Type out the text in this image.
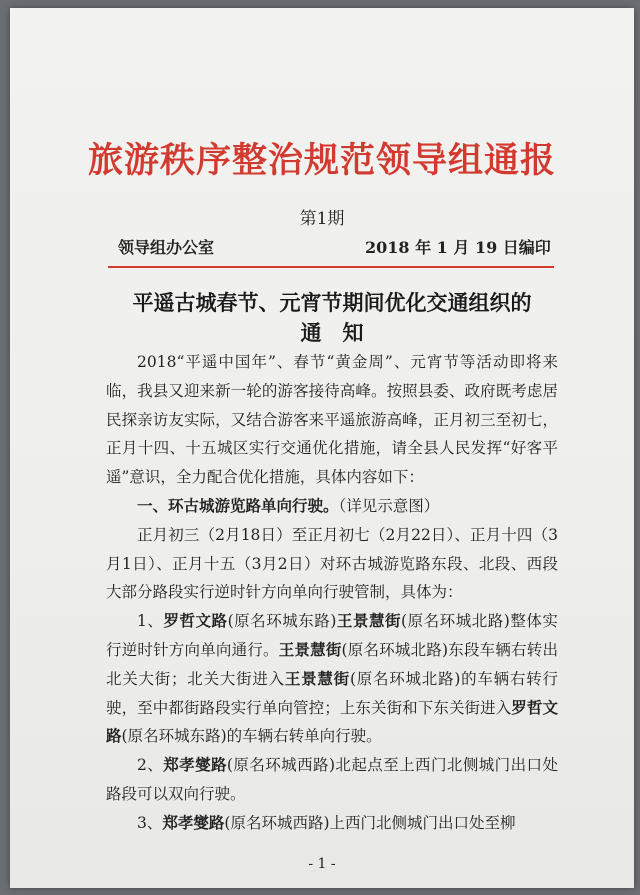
旅游秩序整治规范领导组通报
第1期
领导组办公室	2018 年 1 月 19 日编印
平遥古城春节、元宵节期间优化交通组织的
通　知

2018“平遥中国年”、春节“黄金周”、元宵节等活动即将来临，我县又迎来新一轮的游客接待高峰。按照县委、政府既考虑居民探亲访友实际，又结合游客来平遥旅游高峰，正月初三至初七，正月十四、十五城区实行交通优化措施，请全县人民发挥“好客平遥”意识，全力配合优化措施，具体内容如下：

一、环古城游览路单向行驶。（详见示意图）

正月初三（2月18日）至正月初七（2月22日）、正月十四（3月1日）、正月十五（3月2日）对环古城游览路东段、北段、西段大部分路段实行逆时针方向单向行驶管制，具体为：

1、罗哲文路(原名环城东路)王景慧街(原名环城北路)整体实行逆时针方向单向通行。王景慧街(原名环城北路)东段车辆右转出北关大街；北关大街进入王景慧街(原名环城北路)的车辆右转行驶，至中都街路段实行单向管控；上东关街和下东关街进入罗哲文路(原名环城东路)的车辆右转单向行驶。

2、郑孝燮路(原名环城西路)北起点至上西门北侧城门出口处路段可以双向行驶。

3、郑孝燮路(原名环城西路)上西门北侧城门出口处至柳

- 1 -
